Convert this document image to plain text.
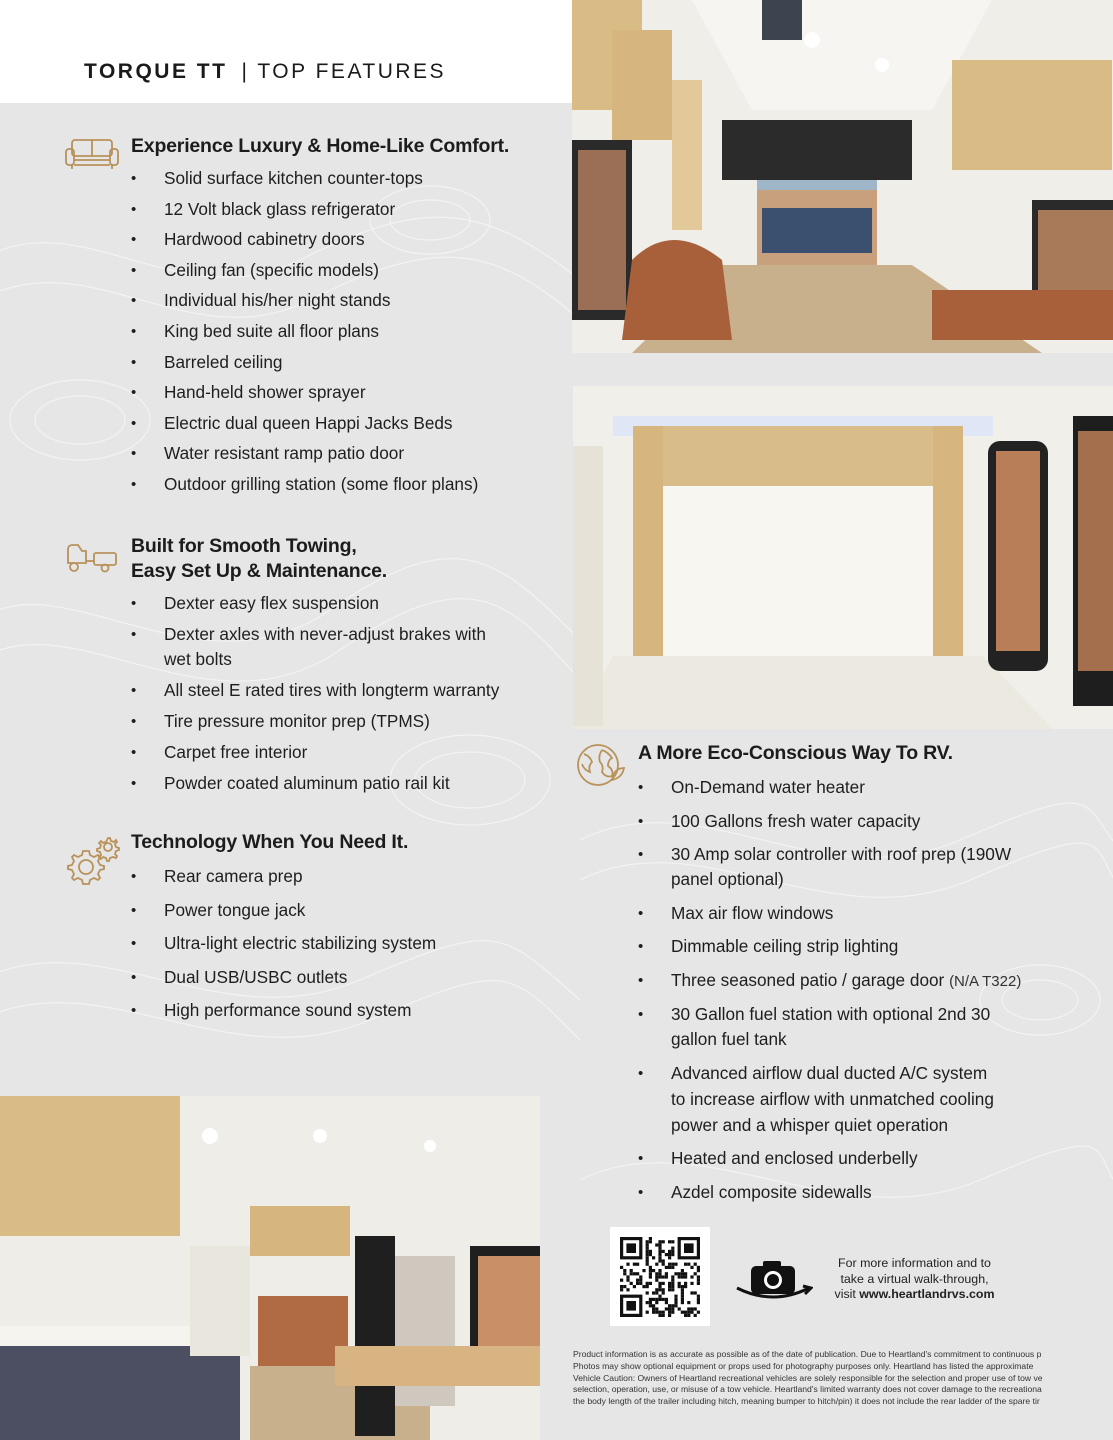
TORQUE TT | TOP FEATURES
Experience Luxury & Home-Like Comfort.
• Solid surface kitchen counter-tops
• 12 Volt black glass refrigerator
• Hardwood cabinetry doors
• Ceiling fan (specific models)
• Individual his/her night stands
• King bed suite all floor plans
• Barreled ceiling
• Hand-held shower sprayer
• Electric dual queen Happi Jacks Beds
• Water resistant ramp patio door
• Outdoor grilling station (some floor plans)
Built for Smooth Towing,
Easy Set Up & Maintenance.
• Dexter easy flex suspension
• Dexter axles with never-adjust brakes with
wet bolts
• All steel E rated tires with longterm warranty
• Tire pressure monitor prep (TPMS)
• Carpet free interior
• Powder coated aluminum patio rail kit
Technology When You Need It.
• Rear camera prep
• Power tongue jack
• Ultra-light electric stabilizing system
• Dual USB/USBC outlets
• High performance sound system
A More Eco-Conscious Way To RV.
• On-Demand water heater
• 100 Gallons fresh water capacity
• 30 Amp solar controller with roof prep (190W
panel optional)
• Max air flow windows
• Dimmable ceiling strip lighting
• Three seasoned patio / garage door (N/A T322)
• 30 Gallon fuel station with optional 2nd 30
gallon fuel tank
• Advanced airflow dual ducted A/C system
to increase airflow with unmatched cooling
power and a whisper quiet operation
• Heated and enclosed underbelly
• Azdel composite sidewalls
For more information and to
take a virtual walk-through,
visit www.heartlandrvs.com
Product information is as accurate as possible as of the date of publication. Due to Heartland's commitment to continuous p
Photos may show optional equipment or props used for photography purposes only. Heartland has listed the approximate
Vehicle Caution: Owners of Heartland recreational vehicles are solely responsible for the selection and proper use of tow ve
selection, operation, use, or misuse of a tow vehicle. Heartland's limited warranty does not cover damage to the recreationa
the body length of the trailer including hitch, meaning bumper to hitch/pin) it does not include the rear ladder of the spare tir
